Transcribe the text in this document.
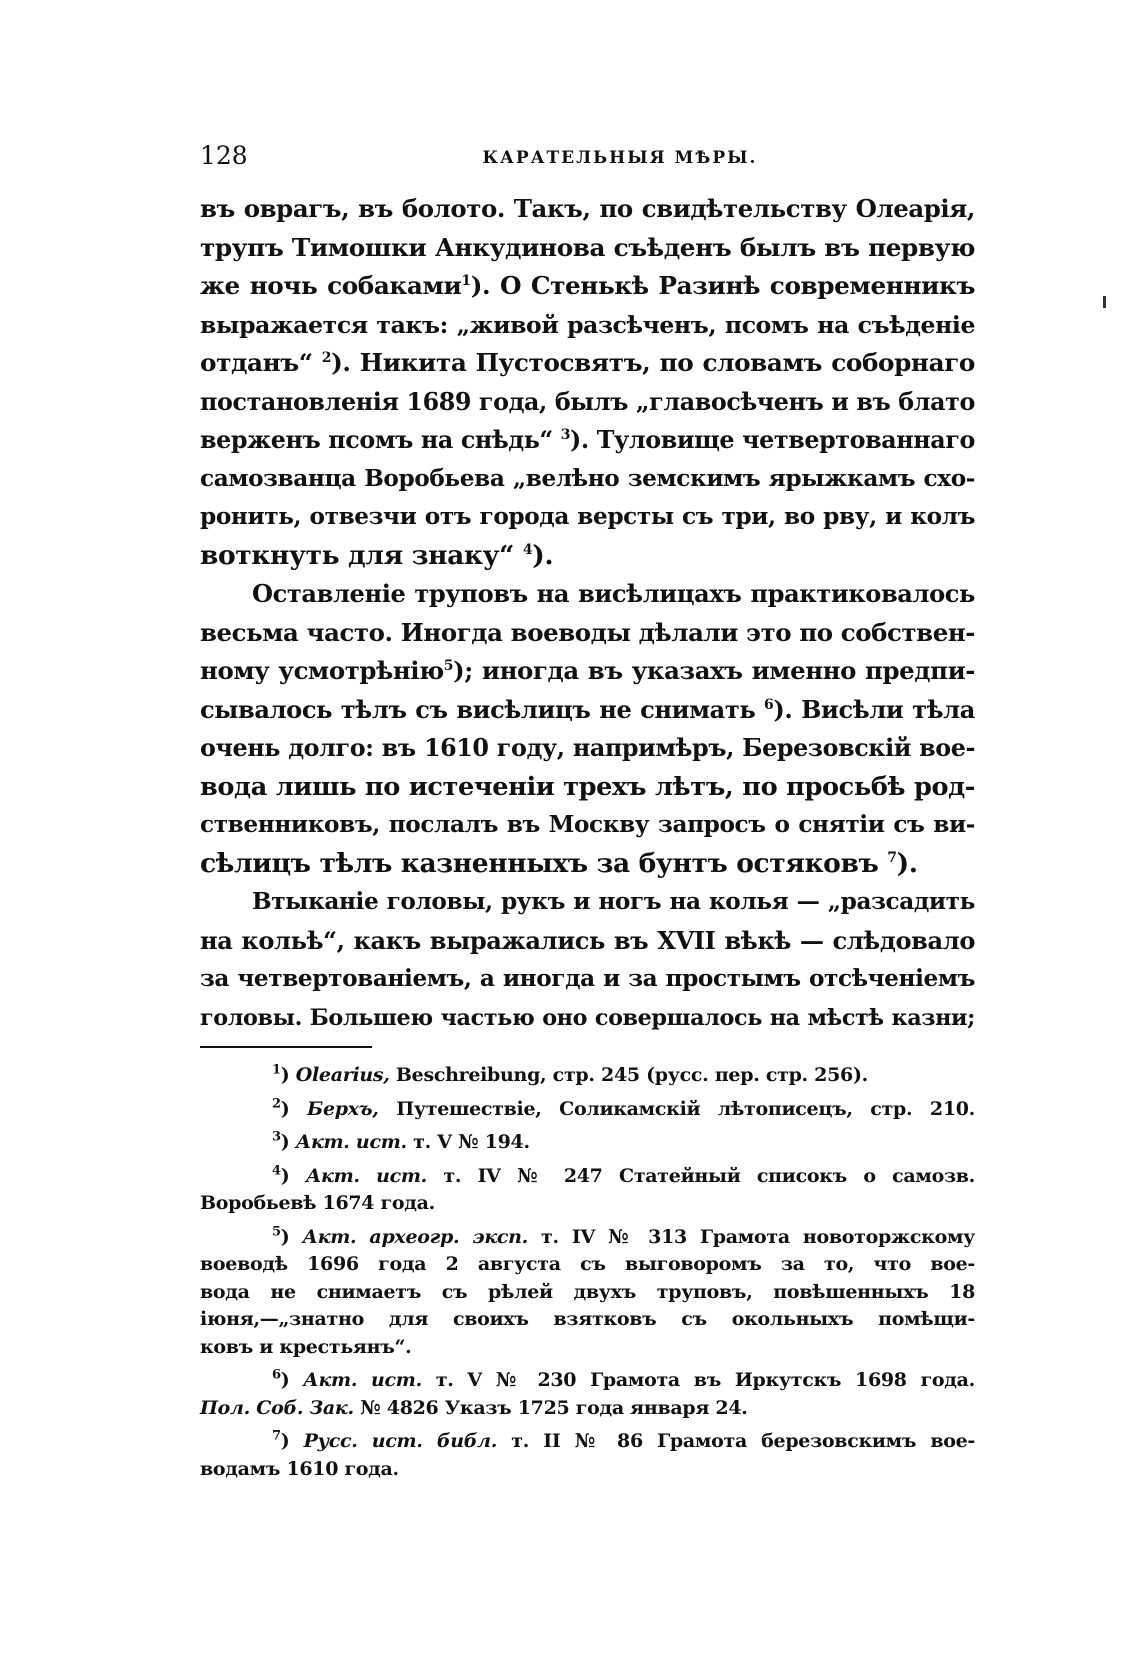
128	КАРАТЕЛЬНЫЯ МѢРЫ.
въ оврагъ, въ болото. Такъ, по свидѣтельству Олеарія,
трупъ Тимошки Анкудинова съѣденъ былъ въ первую
же ночь собаками$^1$). О Стенькѣ Разинѣ современникъ
выражается такъ: „живой разсѣченъ, псомъ на съѣденіе
отданъ“ $^2$). Никита Пустосвятъ, по словамъ соборнаго
постановленія 1689 года, былъ „главосѣченъ и въ блато
верженъ псомъ на снѣдь“ $^3$). Туловище четвертованнаго
самозванца Воробьева „велѣно земскимъ ярыжкамъ схо-
ронить, отвезчи отъ города версты съ три, во рву, и колъ
воткнуть для знаку“ $^4$).
Оставленіе труповъ на висѣлицахъ практиковалось
весьма часто. Иногда воеводы дѣлали это по собствен-
ному усмотрѣнію$^5$); иногда въ указахъ именно предпи-
сывалось тѣлъ съ висѣлицъ не снимать $^6$). Висѣли тѣла
очень долго: въ 1610 году, напримѣръ, Березовскій вое-
вода лишь по истеченіи трехъ лѣтъ, по просьбѣ род-
ственниковъ, послалъ въ Москву запросъ о снятіи съ ви-
сѣлицъ тѣлъ казненныхъ за бунтъ остяковъ $^7$).
Втыканіе головы, рукъ и ногъ на колья — „разсадить
на кольѣ“, какъ выражались въ XVII вѣкѣ — слѣдовало
за четвертованіемъ, а иногда и за простымъ отсѣченіемъ
головы. Большею частью оно совершалось на мѣстѣ казни;
$^1$) Olearius, Beschreibung, стр. 245 (русс. пер. стр. 256).
$^2$) Берхъ, Путешествіе, Соликамскій лѣтописецъ, стр. 210.
$^3$) Акт. ист. т. V № 194.
$^4$) Акт. ист. т. IV № 247 Статейный списокъ о самозв.
Воробьевѣ 1674 года.
$^5$) Акт. археогр. эксп. т. IV № 313 Грамота новоторжскому
воеводѣ 1696 года 2 августа съ выговоромъ за то, что вое-
вода не снимаетъ съ рѣлей двухъ труповъ, повѣшенныхъ 18
іюня,—„знатно для своихъ взятковъ съ окольныхъ помѣщи-
ковъ и крестьянъ“.
$^6$) Акт. ист. т. V № 230 Грамота въ Иркутскъ 1698 года.
Пол. Соб. Зак. № 4826 Указъ 1725 года января 24.
$^7$) Русс. ист. библ. т. II № 86 Грамота березовскимъ вое-
водамъ 1610 года.
